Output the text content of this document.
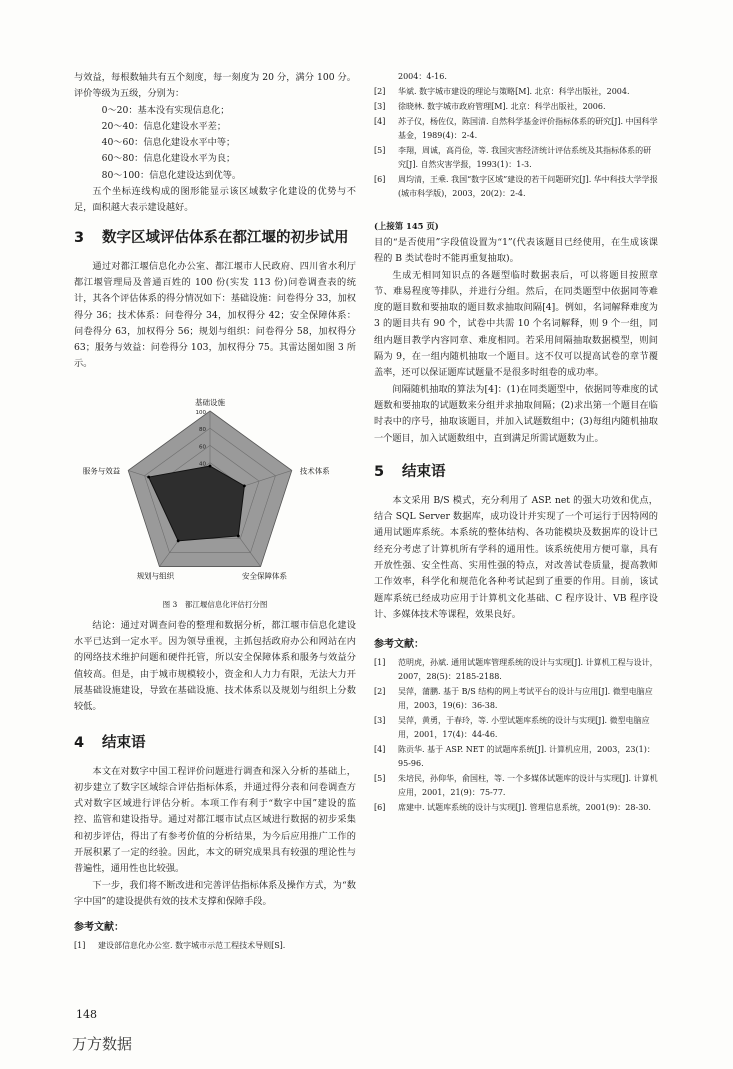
与效益，每根数轴共有五个刻度，每一刻度为 20 分，满分 100 分。评价等级为五级，分别为：

0～20：基本没有实现信息化；

20～40：信息化建设水平差；

40～60：信息化建设水平中等；

60～80：信息化建设水平为良；

80～100：信息化建设达到优等。

五个坐标连线构成的图形能显示该区域数字化建设的优势与不足，面积越大表示建设越好。

3	数字区域评估体系在都江堰的初步试用

通过对都江堰信息化办公室、都江堰市人民政府、四川省水利厅都江堰管理局及普通百姓的 100 份(实发 113 份)问卷调查表的统计，其各个评估体系的得分情况如下：基础设施：问卷得分 33，加权得分 36；技术体系：问卷得分 34，加权得分 42；安全保障体系：问卷得分 63，加权得分 56；规划与组织：问卷得分 58，加权得分 63；服务与效益：问卷得分 103，加权得分 75。其雷达图如图 3 所示。

100
80
60
40
基础设施
技术体系
安全保障体系
规划与组织
服务与效益
图 3　都江堰信息化评估打分图

结论：通过对调查问卷的整理和数据分析，都江堰市信息化建设水平已达到一定水平。因为领导重视，主抓包括政府办公和网站在内的网络技术维护问题和硬件托管，所以安全保障体系和服务与效益分值较高。但是，由于城市规模较小，资金和人力力有限，无法大力开展基础设施建设，导致在基础设施、技术体系以及规划与组织上分数较低。

4	结束语

本文在对数字中国工程评价问题进行调查和深入分析的基础上，初步建立了数字区域综合评估指标体系，并通过得分表和问卷调查方式对数字区域进行评估分析。本项工作有利于“数字中国”建设的监控、监管和建设指导。通过对都江堰市试点区域进行数据的初步采集和初步评估，得出了有参考价值的分析结果，为今后应用推广工作的开展积累了一定的经验。因此，本文的研究成果具有较强的理论性与普遍性，通用性也比较强。

下一步，我们将不断改进和完善评估指标体系及操作方式，为“数字中国”的建设提供有效的技术支撑和保障手段。

参考文献：
[1]	建设部信息化办公室. 数字城市示范工程技术导则[S].
2004：4-16.
[2]	华斌. 数字城市建设的理论与策略[M]. 北京：科学出版社，2004.
[3]	徐晓林. 数字城市政府管理[M]. 北京：科学出版社，2006.
[4]	苏子仪，杨佐仪，陈国清. 自然科学基金评价指标体系的研究[J]. 中国科学基金，1989(4)：2-4.
[5]	李翔，周诚，高肖俭，等. 我国灾害经济统计评估系统及其指标体系的研究[J]. 自然灾害学报，1993(1)：1-3.
[6]	周均清，王乘. 我国“数字区域”建设的若干问题研究[J]. 华中科技大学学报(城市科学版)，2003，20(2)：2-4.
(上接第 145 页)

目的“是否使用”字段值设置为“1”(代表该题目已经使用，在生成该课程的 B 类试卷时不能再重复抽取)。

生成无相同知识点的各题型临时数据表后，可以将题目按照章节、难易程度等排队，并进行分组。然后，在同类题型中依据同等难度的题目数和要抽取的题目数求抽取间隔[4]。例如，名词解释难度为 3 的题目共有 90 个，试卷中共需 10 个名词解释，则 9 个一组，同组内题目教学内容同章、难度相同。若采用间隔抽取数据模型，则间隔为 9，在一组内随机抽取一个题目。这不仅可以提高试卷的章节覆盖率，还可以保证题库试题量不是很多时组卷的成功率。

间隔随机抽取的算法为[4]：(1)在同类题型中，依据同等难度的试题数和要抽取的试题数来分组并求抽取间隔；(2)求出第一个题目在临时表中的序号，抽取该题目，并加入试题数组中；(3)每组内随机抽取一个题目，加入试题数组中，直到满足所需试题数为止。

5	结束语

本文采用 B/S 模式，充分利用了 ASP. net 的强大功效和优点，结合 SQL Server 数据库，成功设计并实现了一个可运行于因特网的通用试题库系统。本系统的整体结构、各功能模块及数据库的设计已经充分考虑了计算机所有学科的通用性。该系统使用方便可靠，具有开放性强、安全性高、实用性强的特点，对改善试卷质量，提高教师工作效率，科学化和规范化各种考试起到了重要的作用。目前，该试题库系统已经成功应用于计算机文化基础、C 程序设计、VB 程序设计、多媒体技术等课程，效果良好。

参考文献：
[1]	范明虎，孙斌. 通用试题库管理系统的设计与实现[J]. 计算机工程与设计，2007，28(5)：2185-2188.
[2]	吴萍，蒲鹏. 基于 B/S 结构的网上考试平台的设计与应用[J]. 微型电脑应用，2003，19(6)：36-38.
[3]	吴萍，黄勇，于春玲，等. 小型试题库系统的设计与实现[J]. 微型电脑应用，2001，17(4)：44-46.
[4]	陈贡华. 基于 ASP. NET 的试题库系统[J]. 计算机应用，2003，23(1)：95-96.
[5]	朱培民，孙仰华，俞国柱，等. 一个多媒体试题库的设计与实现[J]. 计算机应用，2001，21(9)：75-77.
[6]	席建中. 试题库系统的设计与实现[J]. 管理信息系统，2001(9)：28-30.
148
万方数据
